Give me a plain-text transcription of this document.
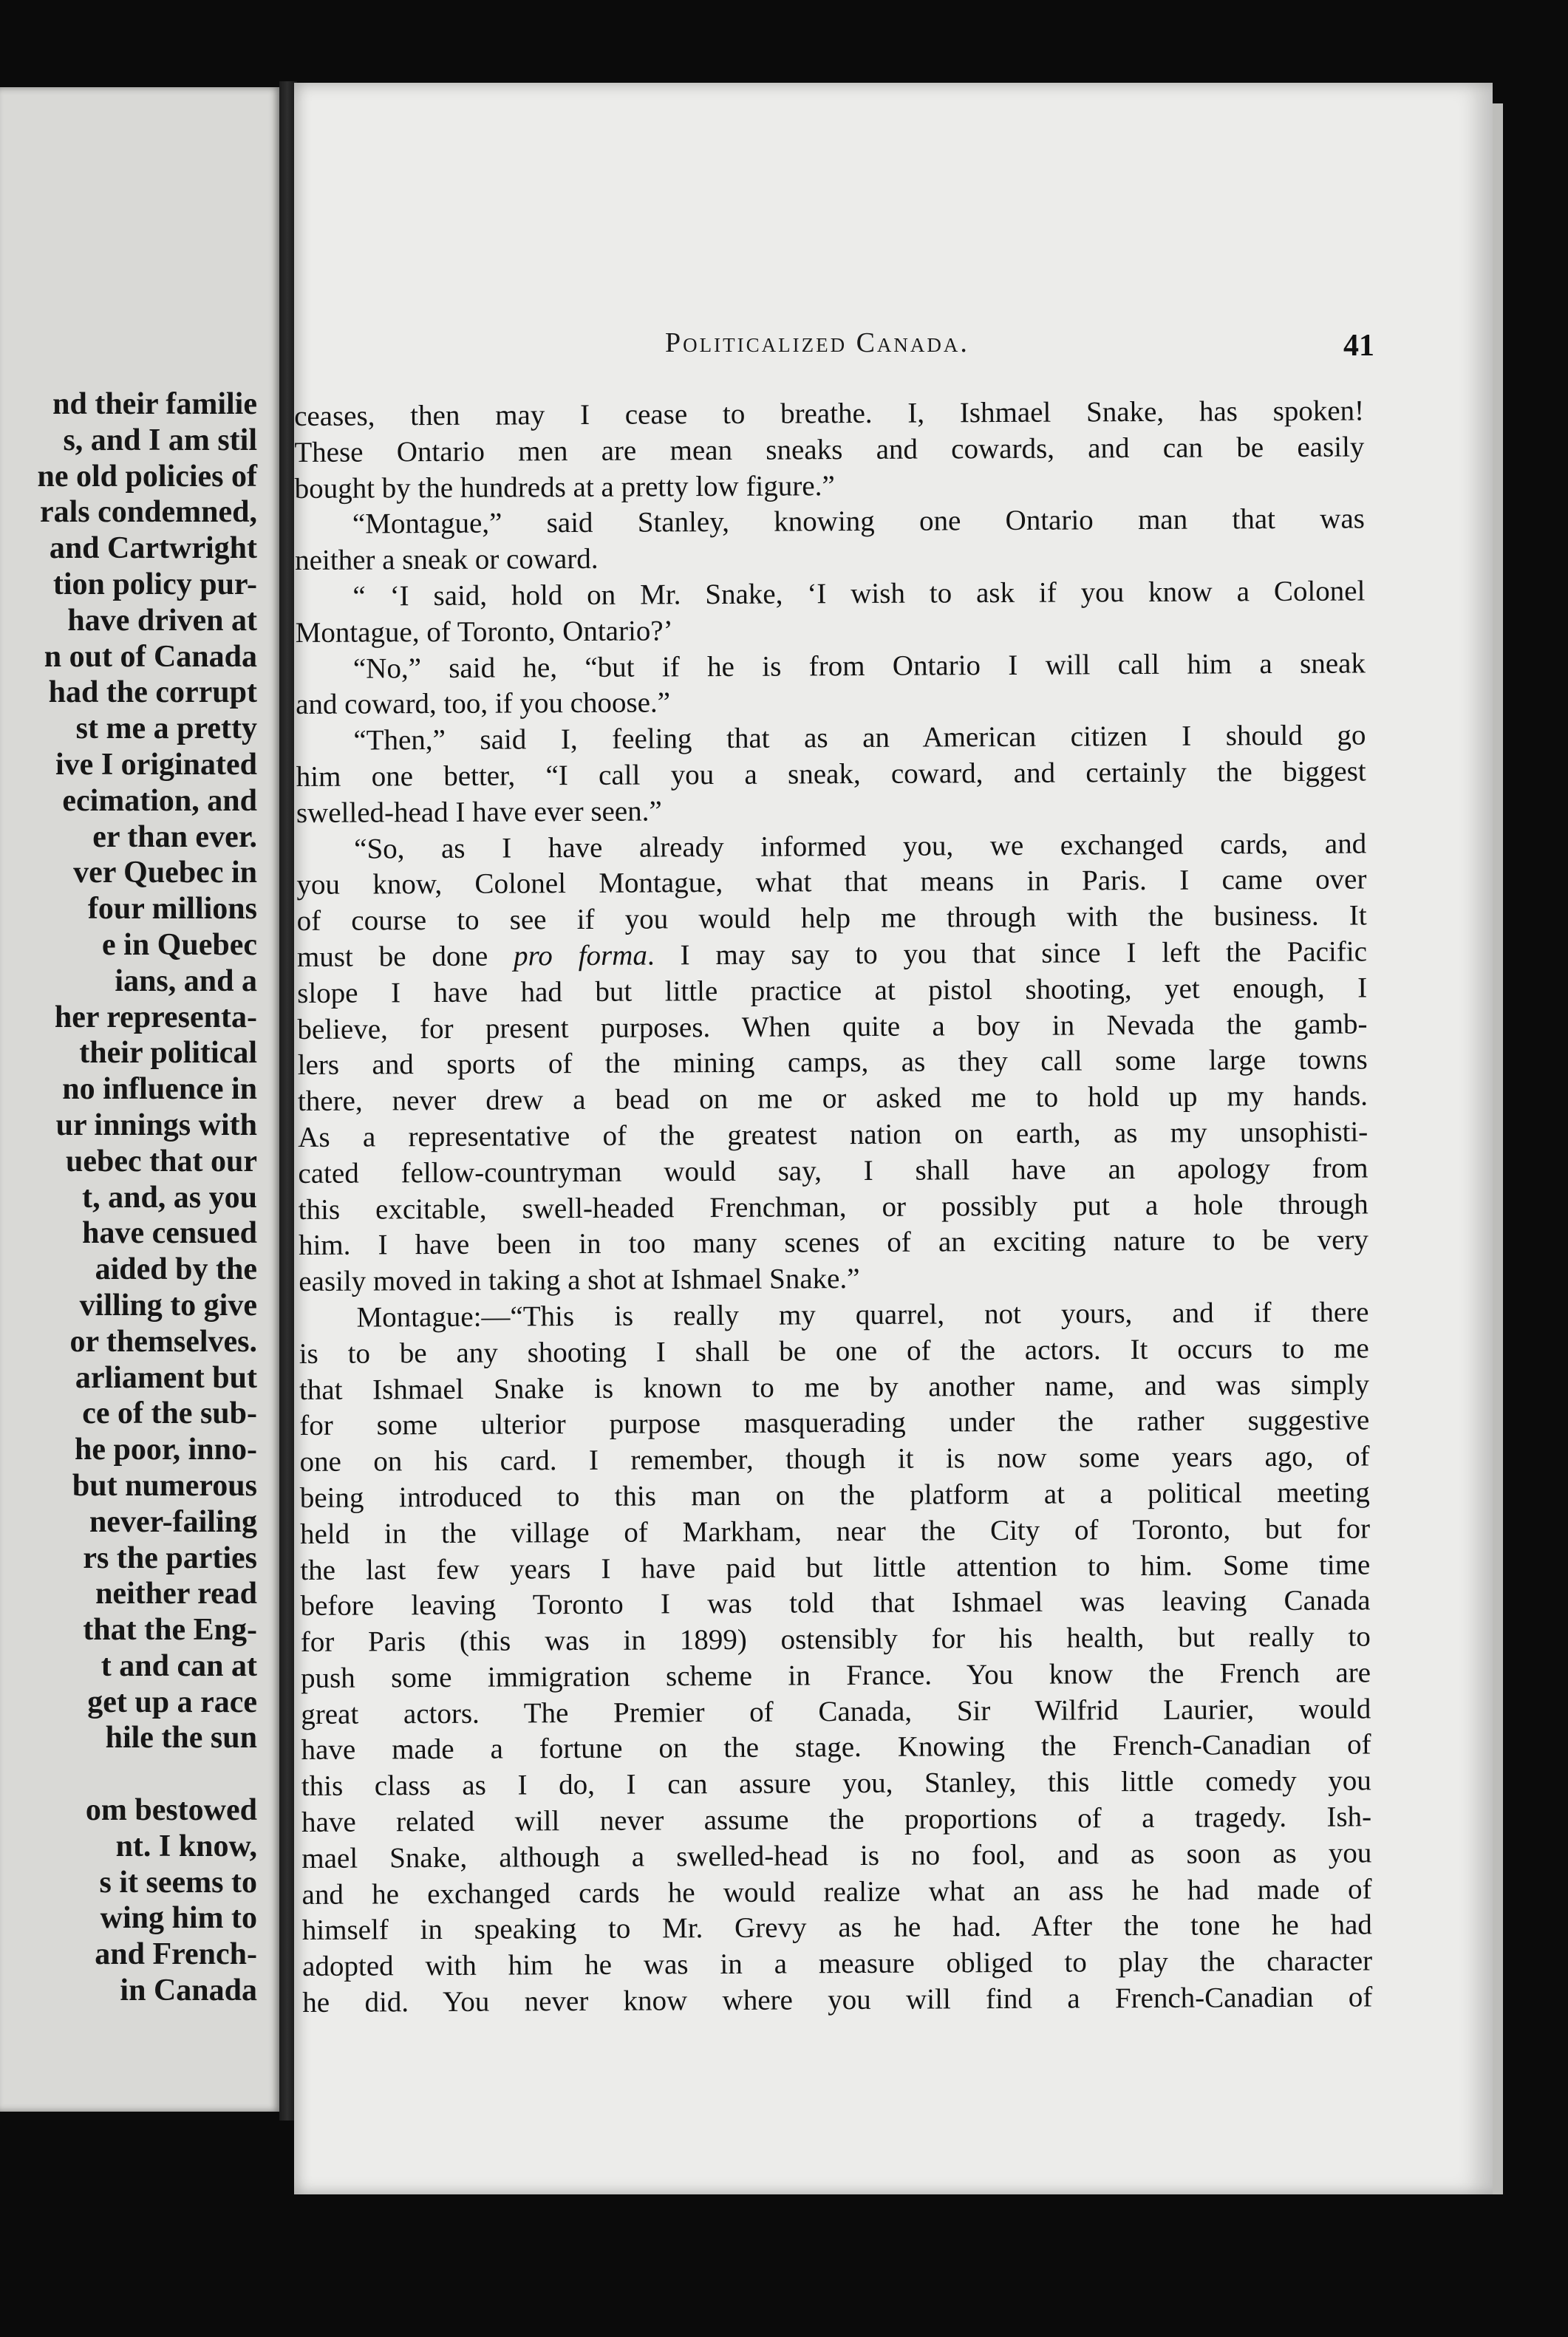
nd their familie
s, and I am stil
ne old policies of
rals condemned,
and Cartwright
tion policy pur-
have driven at
n out of Canada
had the corrupt
st me a pretty
ive I originated
ecimation, and
er than ever.
ver Quebec in
four millions
e in Quebec
ians, and a
her representa-
their political
no influence in
ur innings with
uebec that our
t, and, as you
have censued
aided by the
villing to give
or themselves.
arliament but
ce of the sub-
he poor, inno-
but numerous
never-failing
rs the parties
neither read
that the Eng-
t and can at
get up a race
hile the sun
om bestowed
nt. I know,
s it seems to
wing him to
and French-
in Canada
Politicalized Canada.	41
ceases, then may I cease to breathe. I, Ishmael Snake, has spoken!
These Ontario men are mean sneaks and cowards, and can be easily
bought by the hundreds at a pretty low figure.”
“Montague,” said Stanley, knowing one Ontario man that was
neither a sneak or coward.
“ ‘I said, hold on Mr. Snake, ‘I wish to ask if you know a Colonel
Montague, of Toronto, Ontario?’
“No,” said he, “but if he is from Ontario I will call him a sneak
and coward, too, if you choose.”
“Then,” said I, feeling that as an American citizen I should go
him one better, “I call you a sneak, coward, and certainly the biggest
swelled-head I have ever seen.”
“So, as I have already informed you, we exchanged cards, and
you know, Colonel Montague, what that means in Paris. I came over
of course to see if you would help me through with the business. It
must be done pro forma. I may say to you that since I left the Pacific
slope I have had but little practice at pistol shooting, yet enough, I
believe, for present purposes. When quite a boy in Nevada the gamb-
lers and sports of the mining camps, as they call some large towns
there, never drew a bead on me or asked me to hold up my hands.
As a representative of the greatest nation on earth, as my unsophisti-
cated fellow-countryman would say, I shall have an apology from
this excitable, swell-headed Frenchman, or possibly put a hole through
him. I have been in too many scenes of an exciting nature to be very
easily moved in taking a shot at Ishmael Snake.”
Montague:—“This is really my quarrel, not yours, and if there
is to be any shooting I shall be one of the actors. It occurs to me
that Ishmael Snake is known to me by another name, and was simply
for some ulterior purpose masquerading under the rather suggestive
one on his card. I remember, though it is now some years ago, of
being introduced to this man on the platform at a political meeting
held in the village of Markham, near the City of Toronto, but for
the last few years I have paid but little attention to him. Some time
before leaving Toronto I was told that Ishmael was leaving Canada
for Paris (this was in 1899) ostensibly for his health, but really to
push some immigration scheme in France. You know the French are
great actors. The Premier of Canada, Sir Wilfrid Laurier, would
have made a fortune on the stage. Knowing the French-Canadian of
this class as I do, I can assure you, Stanley, this little comedy you
have related will never assume the proportions of a tragedy. Ish-
mael Snake, although a swelled-head is no fool, and as soon as you
and he exchanged cards he would realize what an ass he had made of
himself in speaking to Mr. Grevy as he had. After the tone he had
adopted with him he was in a measure obliged to play the character
he did. You never know where you will find a French-Canadian of
